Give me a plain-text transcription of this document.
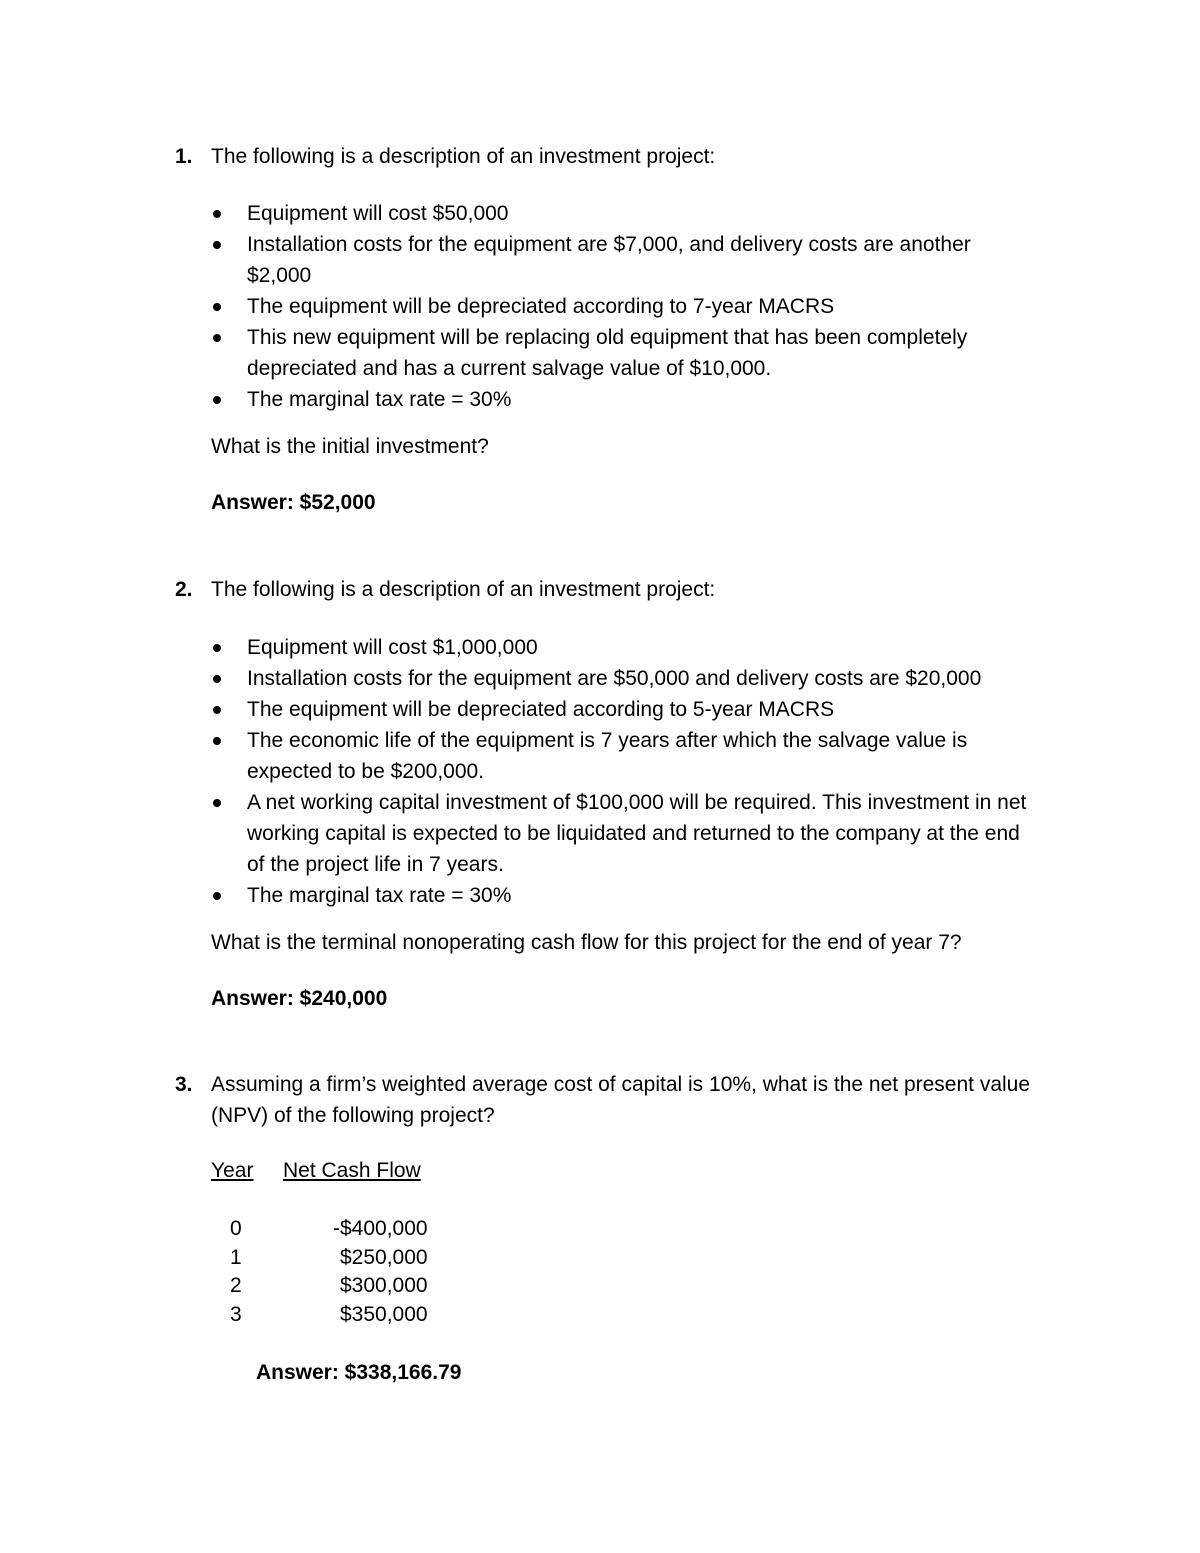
1. The following is a description of an investment project:
Equipment will cost $50,000
Installation costs for the equipment are $7,000, and delivery costs are another
$2,000
The equipment will be depreciated according to 7-year MACRS
This new equipment will be replacing old equipment that has been completely
depreciated and has a current salvage value of $10,000.
The marginal tax rate = 30%
What is the initial investment?
Answer: $52,000
2. The following is a description of an investment project:
Equipment will cost $1,000,000
Installation costs for the equipment are $50,000 and delivery costs are $20,000
The equipment will be depreciated according to 5-year MACRS
The economic life of the equipment is 7 years after which the salvage value is
expected to be $200,000.
A net working capital investment of $100,000 will be required. This investment in net
working capital is expected to be liquidated and returned to the company at the end
of the project life in 7 years.
The marginal tax rate = 30%
What is the terminal nonoperating cash flow for this project for the end of year 7?
Answer: $240,000
3. Assuming a firm’s weighted average cost of capital is 10%, what is the net present value
(NPV) of the following project?
Year Net Cash Flow
0	-$400,000
1	$250,000
2	$300,000
3	$350,000
Answer: $338,166.79
